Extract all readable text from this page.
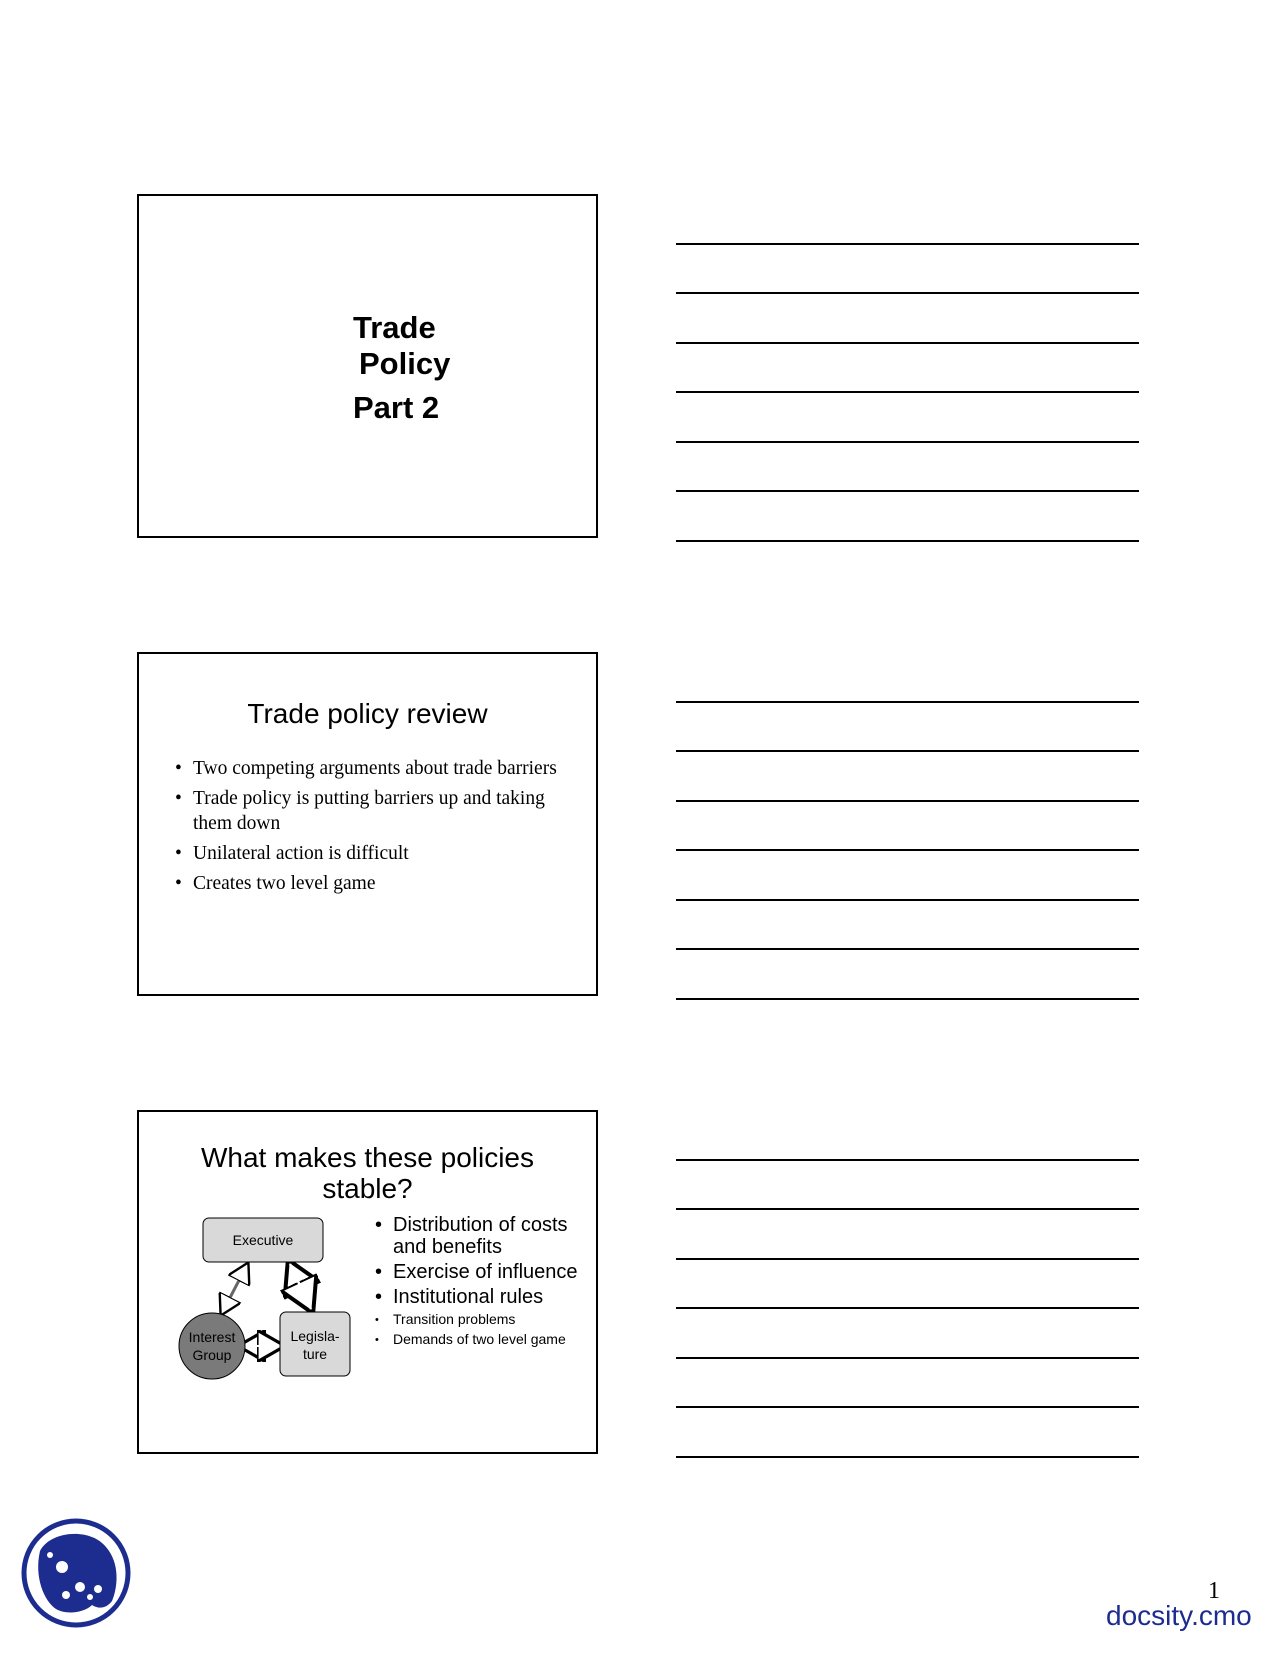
Trade
Policy
Part 2
Trade policy review
• Two competing arguments about trade barriers
• Trade policy is putting barriers up and taking them down
• Unilateral action is difficult
• Creates two level game
What makes these policies
stable?
Executive
Interest
Group
Legisla-
ture
• Distribution of costs and benefits
• Exercise of influence
• Institutional rules
• Transition problems
• Demands of two level game
1
docsity.cmo
